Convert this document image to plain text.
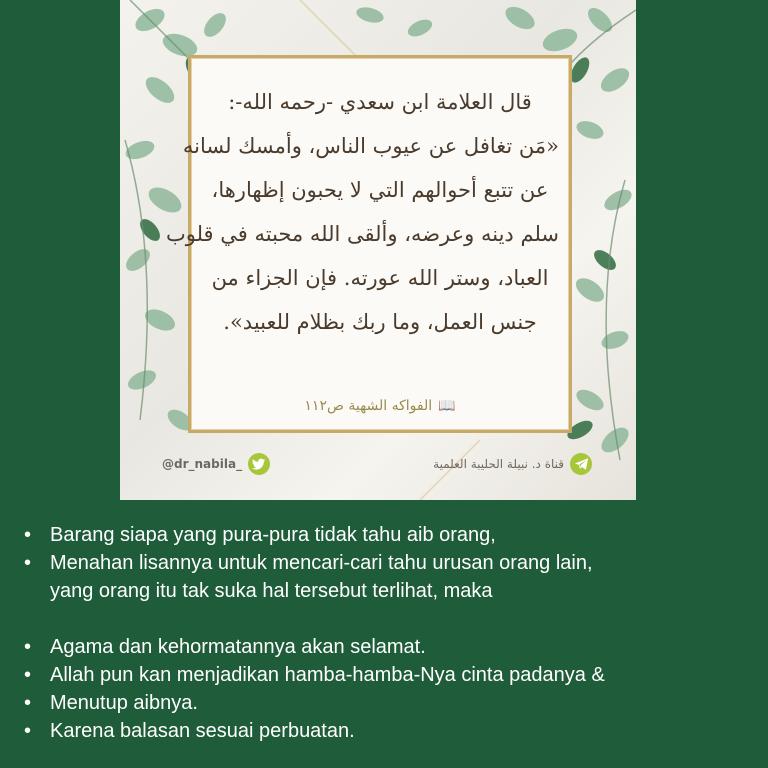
قال العلامة ابن سعدي -رحمه الله-:
«مَن تغافل عن عيوب الناس، وأمسك لسانه
عن تتبع أحوالهم التي لا يحبون إظهارها،
سلم دينه وعرضه، وألقى الله محبته في قلوب
العباد، وستر الله عورته. فإن الجزاء من
جنس العمل، وما ربك بظلام للعبيد».
📖الفواكه الشهية ص١١٢
@dr_nabila_	قناة د. نبيلة الحليبة العلمية
• Barang siapa yang pura-pura tidak tahu aib orang,
• Menahan lisannya untuk mencari-cari tahu urusan orang lain,
yang orang itu tak suka hal tersebut terlihat, maka
• Agama dan kehormatannya akan selamat.
• Allah pun kan menjadikan hamba-hamba-Nya cinta padanya &
• Menutup aibnya.
• Karena balasan sesuai perbuatan.
